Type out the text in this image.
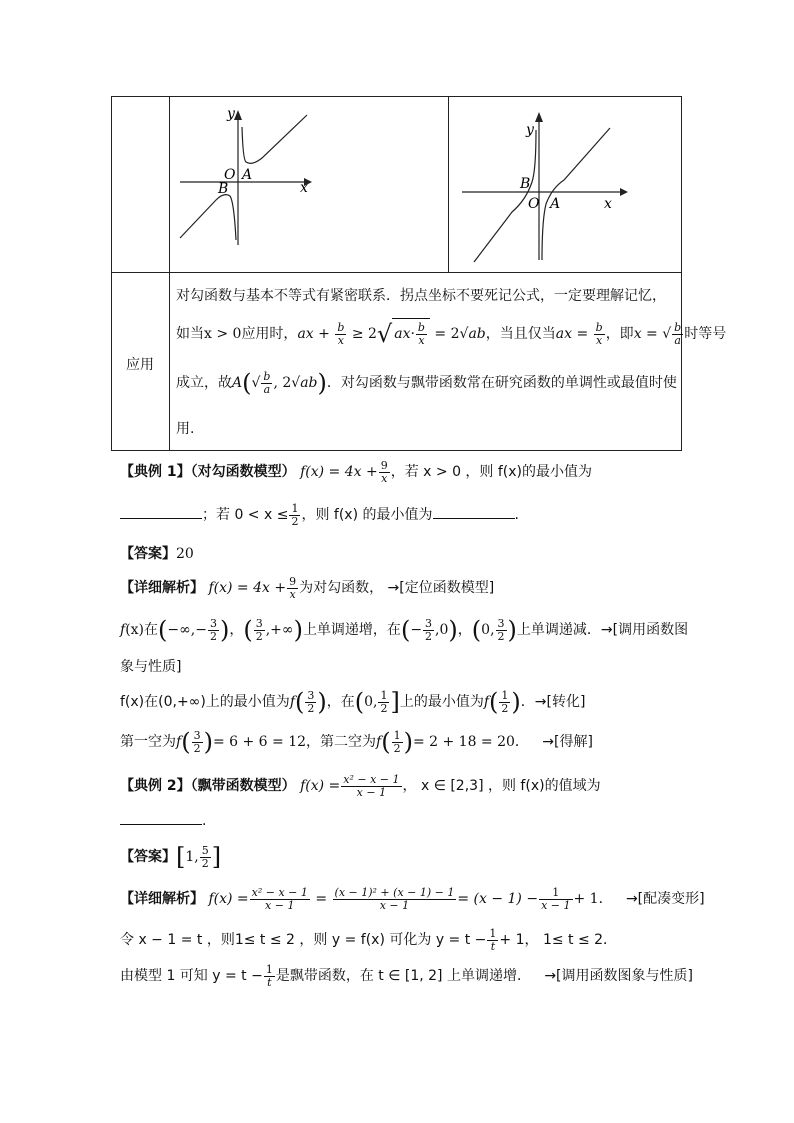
y
x
O A
B
y
x
O A
B
应用
对勾函数与基本不等式有紧密联系．拐点坐标不要死记公式，一定要理解记忆，
如当x > 0应用时，ax + $\frac{b}{x} \ge 2√$ $ax\cdot \frac{b}{x} = 2√ab$，当且仅当ax = $\frac{b}{x}$ ，即x = √ $\frac{b}{a}$ 时等号
成立，故$A(√ \frac{b}{a}$ , 2√ab)．对勾函数与飘带函数常在研究函数的单调性或最值时使
用.
【典例 1】（对勾函数模型） $f(x) = 4x + \frac{9}{x}$ ，若 x > 0 ，则 f(x)的最小值为
；若 $0 < x \le \frac{1}{2}$ ，则 f(x) 的最小值为	.
【答案】20
【详细解析】 $f(x) = 4x + \frac{9}{x}$ 为对勾函数， →[定位函数模型]
f(x)在(−∞,− $\frac{3}{2}$ )，( $\frac{3}{2}$ ,+∞)上单调递增，在(− $\frac{3}{2} ,0$)，(0, $\frac{3}{2}$ )上单调递减．→[调用函数图
象与性质]
f(x)在(0,+∞)上的最小值为$f( \frac{3}{2}$ )，在(0, $\frac{1}{2}$ ]上的最小值为$f( \frac{1}{2}$ )．→[转化]
第一空为$f( \frac{3}{2}$ )= 6 + 6 = 12，第二空为$f( \frac{1}{2}$ )= 2 + 18 = 20． →[得解]
【典例 2】（飘带函数模型） $f(x) = \frac{\text{x² − x − 1}}{x - 1}$ ， x ∈ [2,3] ，则 f(x)的值域为
.
【答案】[1, $\frac{5}{2}$ ]
【详细解析】 $f(x) = \frac{\text{x² − x − 1}}{x - 1} = \frac{\text{(x − 1)² + (x − 1) − 1}}{x - 1} = (x - 1) - \frac{1}{x - 1} + 1$． →[配凑变形]
令 x − 1 = t ，则1≤ t ≤ 2 ，则 y = f(x) 可化为 $y = t - \frac{1}{t} + 1$， 1≤ t ≤ 2．
由模型 1 可知 $y = t - \frac{1}{t}$ 是飘带函数，在 t ∈ [1, 2] 上单调递增． →[调用函数图象与性质]
